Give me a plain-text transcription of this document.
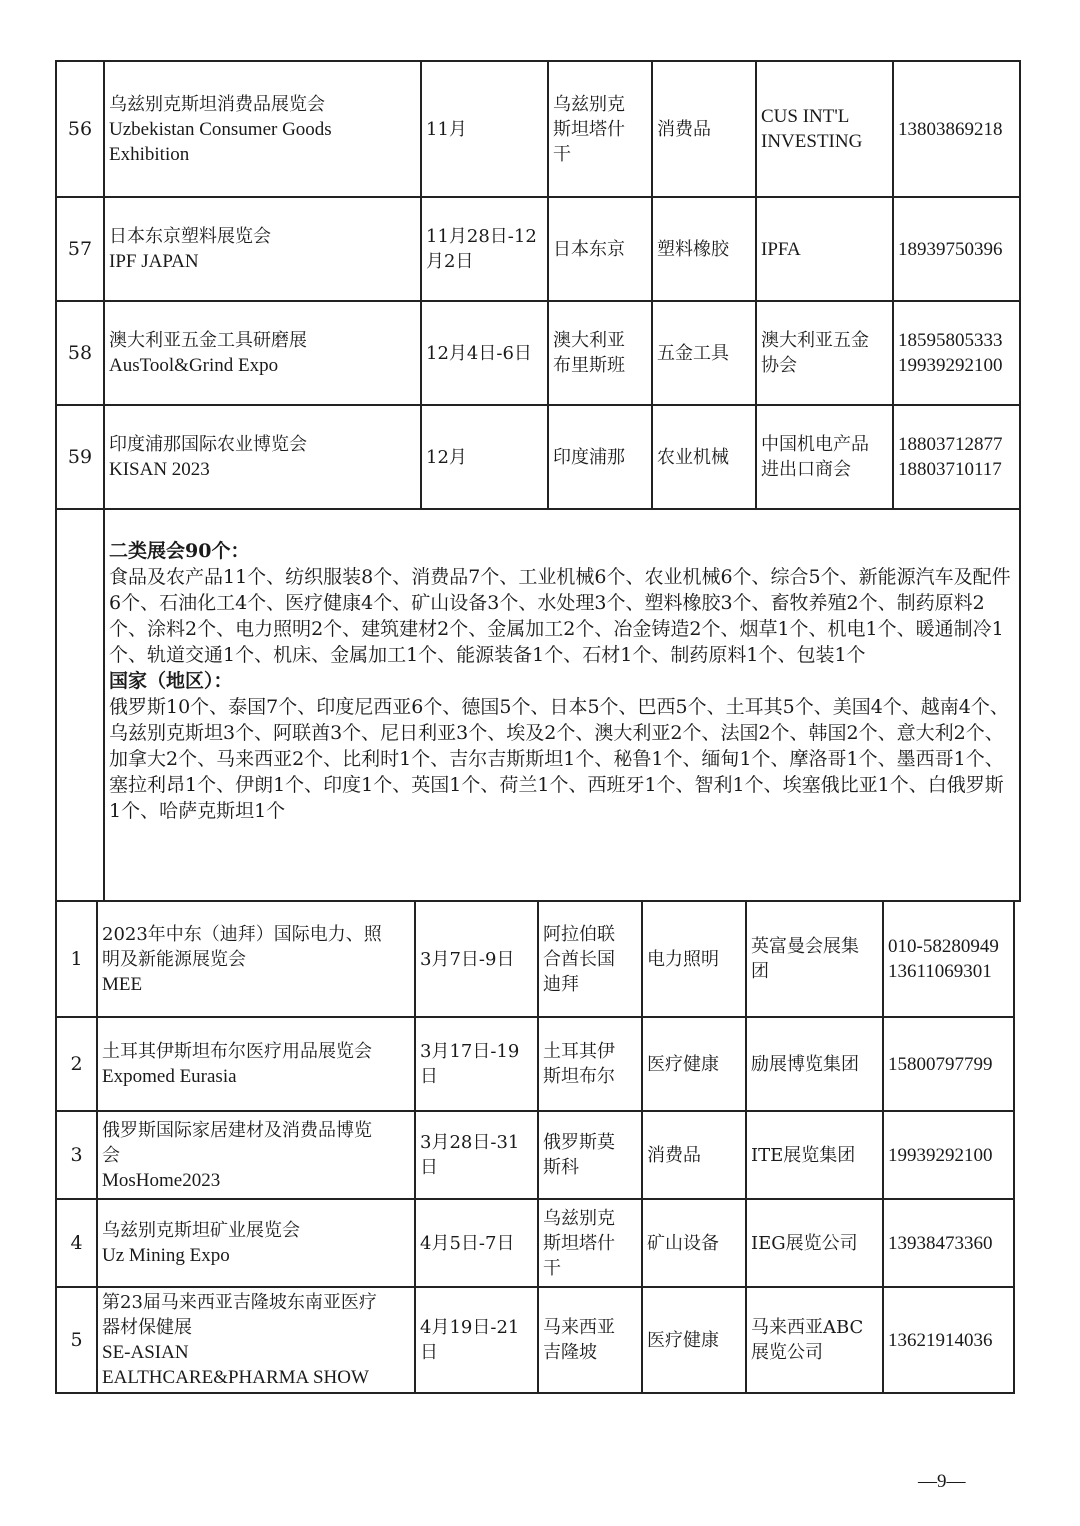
56	乌兹别克斯坦消费品展览会
Uzbekistan Consumer Goods
Exhibition	11月	乌兹别克
斯坦塔什
干	消费品	CUS INT'L
INVESTING	13803869218

57	日本东京塑料展览会
IPF JAPAN	11月28日-12
月2日	日本东京	塑料橡胶	IPFA	18939750396

58	澳大利亚五金工具研磨展
AusTool&Grind Expo	12月4日-6日	澳大利亚
布里斯班	五金工具	澳大利亚五金
协会	18595805333
19939292100

59	印度浦那国际农业博览会
KISAN 2023	12月	印度浦那	农业机械	中国机电产品
进出口商会	18803712877
18803710117

	二类展会90个：

食品及农产品11个、纺织服装8个、消费品7个、工业机械6个、农业机械6个、综合5个、新能源汽车及配件6个、石油化工4个、医疗健康4个、矿山设备3个、水处理3个、塑料橡胶3个、畜牧养殖2个、制药原料2个、涂料2个、电力照明2个、建筑建材2个、金属加工2个、冶金铸造2个、烟草1个、机电1个、暖通制冷1个、轨道交通1个、机床、金属加工1个、能源装备1个、石材1个、制药原料1个、包装1个

国家（地区）：

俄罗斯10个、泰国7个、印度尼西亚6个、德国5个、日本5个、巴西5个、土耳其5个、美国4个、越南4个、乌兹别克斯坦3个、阿联酋3个、尼日利亚3个、埃及2个、澳大利亚2个、法国2个、韩国2个、意大利2个、加拿大2个、马来西亚2个、比利时1个、吉尔吉斯斯坦1个、秘鲁1个、缅甸1个、摩洛哥1个、墨西哥1个、塞拉利昂1个、伊朗1个、印度1个、英国1个、荷兰1个、西班牙1个、智利1个、埃塞俄比亚1个、白俄罗斯1个、哈萨克斯坦1个					

1	2023年中东（迪拜）国际电力、照
明及新能源展览会
MEE	3月7日-9日	阿拉伯联
合酋长国
迪拜	电力照明	英富曼会展集
团	010-58280949
13611069301

2	土耳其伊斯坦布尔医疗用品展览会
Expomed Eurasia	3月17日-19日	土耳其伊
斯坦布尔	医疗健康	励展博览集团	15800797799

3	俄罗斯国际家居建材及消费品博览
会
MosHome2023	3月28日-31日	俄罗斯莫
斯科	消费品	ITE展览集团	19939292100

4	乌兹别克斯坦矿业展览会
Uz Mining Expo	4月5日-7日	乌兹别克
斯坦塔什
干	矿山设备	IEG展览公司	13938473360

5	第23届马来西亚吉隆坡东南亚医疗
器材保健展
SE-ASIAN
EALTHCARE&PHARMA SHOW	4月19日-21日	马来西亚
吉隆坡	医疗健康	马来西亚ABC
展览公司	13621914036
—9—
